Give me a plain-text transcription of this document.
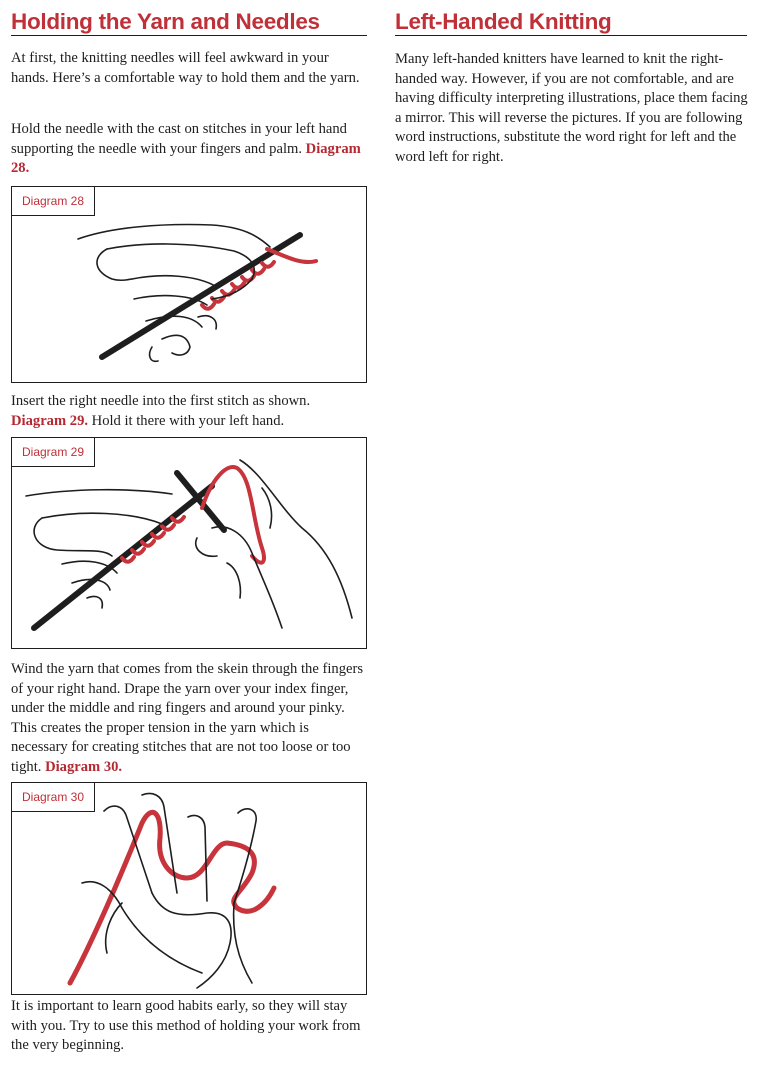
Holding the Yarn and Needles

At first, the knitting needles will feel awkward in your hands. Here’s a comfortable way to hold them and the yarn.

Hold the needle with the cast on stitches in your left hand supporting the needle with your fingers and palm. Diagram 28.

Diagram 28

Insert the right needle into the first stitch as shown. Diagram 29. Hold it there with your left hand.

Diagram 29

Wind the yarn that comes from the skein through the fingers of your right hand. Drape the yarn over your index finger, under the middle and ring fingers and around your pinky. This creates the proper tension in the yarn which is necessary for creating stitches that are not too loose or too tight. Diagram 30.

Diagram 30

It is important to learn good habits early, so they will stay with you. Try to use this method of holding your work from the very beginning.

Left-Handed Knitting

Many left-handed knitters have learned to knit the right-handed way. However, if you are not comfortable, and are having difficulty interpreting illustrations, place them facing a mirror. This will reverse the pictures. If you are following word instructions, substitute the word right for left and the word left for right.
